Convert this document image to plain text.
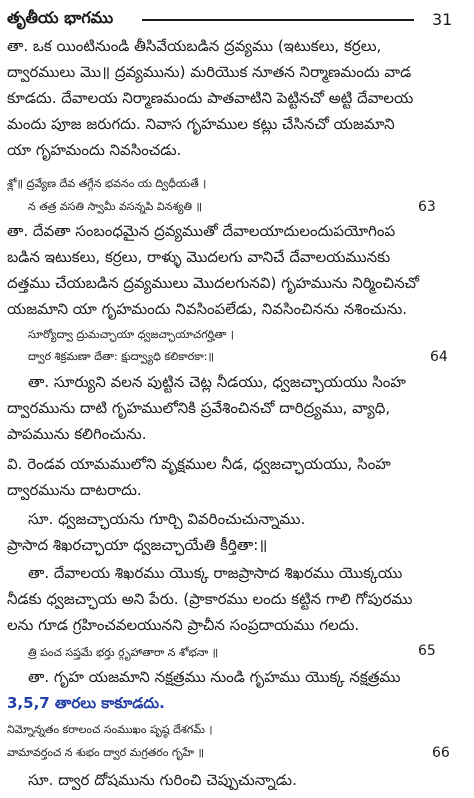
తృతీయ భాగము	31
తా. ఒక యింటినుండి తీసివేయబడిన ద్రవ్యము (ఇటుకలు, కర్రలు,
ద్వారములు మొ॥ ద్రవ్యమును) మరియొక నూతన నిర్మాణమందు వాడ
కూడదు. దేవాలయ నిర్మాణమందు పాతవాటిని పెట్టినచో అట్టి దేవాలయ
మందు పూజ జరుగదు. నివాస గృహముల కట్లు చేసినచో యజమాని
యా గృహమందు నివసించడు.
శ్లో॥ ద్రవ్యేణ దేవ తగ్గేన భవనం య ద్విధీయతే ।
న తత్ర వసతి స్వామీ వసన్నపి వినశ్యతి ॥	63
తా. దేవతా సంబంధమైన ద్రవ్యముతో దేవాలయాదులందుపయోగింప
బడిన ఇటుకలు, కర్రలు, రాళ్ళు మొదలగు వానిచే దేవాలయమునకు
దత్తము చేయబడిన ద్రవ్యములు మొదలగునవి) గృహమును నిర్మించినచో
యజమాని యా గృహమందు నివసింపలేడు, నివసించినను నశించును.
సూర్యోద్వా ద్రుమచ్ఛాయా ధ్వజచ్ఛాయాచగర్హితా ।
ద్వార శిక్రమణా దేతా: క్షుద్వ్యాధి కలికారకా:॥	64
తా. సూర్యుని వలన పుట్టిన చెట్ల నీడయు, ధ్వజచ్ఛాయయు సింహ
ద్వారమును దాటి గృహములోనికి ప్రవేశించినచో దారిద్ర్యము, వ్యాధి,
పాపమును కలిగించును.
వి. రెండవ యామములోని వృక్షముల నీడ, ధ్వజచ్ఛాయయు, సింహ
ద్వారమును దాటరాదు.
సూ. ధ్వజచ్ఛాయను గూర్చి వివరించుచున్నాము.
ప్రాసాద శిఖరచ్ఛాయా ధ్వజచ్ఛాయేతి కీర్తితా:॥
తా. దేవాలయ శిఖరము యొక్క రాజప్రాసాద శిఖరము యొక్కయు
నీడకు ధ్వజచ్ఛాయ అని పేరు. (ప్రాకారము లందు కట్టిన గాలి గోపురము
లను గూడ గ్రహించవలయునని ప్రాచీన సంప్రదాయము గలదు.
త్రి పంచ సప్తమే భర్తు ర్గృహాతారా న శోభనా ॥	65
తా. గృహ యజమాని నక్షత్రము నుండి గృహము యొక్క నక్షత్రము
3,5,7 తారలు కాకూడదు.
నిమ్నోన్నతం కరాలంచ సంముఖం పృష్ఠ దేశగమ్ ।
వామావర్తంచ న శుభం ద్వార మగ్రతరం గృహే ॥	66
సూ. ద్వార దోషమును గురించి చెప్పుచున్నాడు.
